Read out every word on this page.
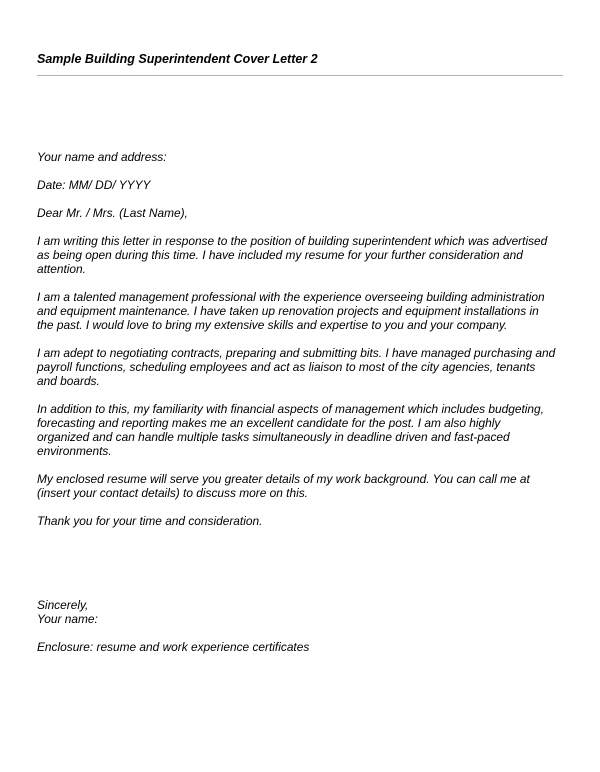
Sample Building Superintendent Cover Letter 2

Your name and address:

Date: MM/ DD/ YYYY

Dear Mr. / Mrs. (Last Name),

I am writing this letter in response to the position of building superintendent which was advertised
as being open during this time. I have included my resume for your further consideration and
attention.

I am a talented management professional with the experience overseeing building administration
and equipment maintenance. I have taken up renovation projects and equipment installations in
the past. I would love to bring my extensive skills and expertise to you and your company.

I am adept to negotiating contracts, preparing and submitting bits. I have managed purchasing and
payroll functions, scheduling employees and act as liaison to most of the city agencies, tenants
and boards.

In addition to this, my familiarity with financial aspects of management which includes budgeting,
forecasting and reporting makes me an excellent candidate for the post. I am also highly
organized and can handle multiple tasks simultaneously in deadline driven and fast-paced
environments.

My enclosed resume will serve you greater details of my work background. You can call me at
(insert your contact details) to discuss more on this.

Thank you for your time and consideration.

Sincerely,
Your name:

Enclosure: resume and work experience certificates
